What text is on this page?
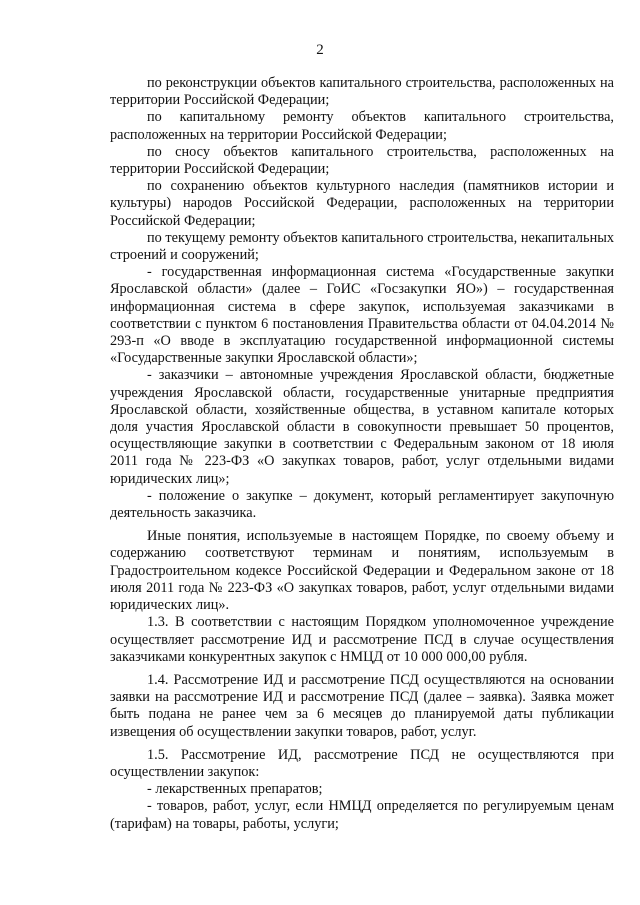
2

по реконструкции объектов капитального строительства, расположенных на территории Российской Федерации;

по капитальному ремонту объектов капитального строительства, расположенных на территории Российской Федерации;

по сносу объектов капитального строительства, расположенных на территории Российской Федерации;

по сохранению объектов культурного наследия (памятников истории и культуры) народов Российской Федерации, расположенных на территории Российской Федерации;

по текущему ремонту объектов капитального строительства, некапитальных строений и сооружений;

- государственная информационная система «Государственные закупки Ярославской области» (далее – ГоИС «Госзакупки ЯО») – государственная информационная система в сфере закупок, используемая заказчиками в соответствии с пунктом 6 постановления Правительства области от 04.04.2014 № 293-п «О вводе в эксплуатацию государственной информационной системы «Государственные закупки Ярославской области»;

- заказчики – автономные учреждения Ярославской области, бюджетные учреждения Ярославской области, государственные унитарные предприятия Ярославской области, хозяйственные общества, в уставном капитале которых доля участия Ярославской области в совокупности превышает 50 процентов, осуществляющие закупки в соответствии с Федеральным законом от 18 июля 2011 года № 223-ФЗ «О закупках товаров, работ, услуг отдельными видами юридических лиц»;

- положение о закупке – документ, который регламентирует закупочную деятельность заказчика.

Иные понятия, используемые в настоящем Порядке, по своему объему и содержанию соответствуют терминам и понятиям, используемым в Градостроительном кодексе Российской Федерации и Федеральном законе от 18 июля 2011 года № 223-ФЗ «О закупках товаров, работ, услуг отдельными видами юридических лиц».

1.3. В соответствии с настоящим Порядком уполномоченное учреждение осуществляет рассмотрение ИД и рассмотрение ПСД в случае осуществления заказчиками конкурентных закупок с НМЦД от 10 000 000,00 рубля.

1.4. Рассмотрение ИД и рассмотрение ПСД осуществляются на основании заявки на рассмотрение ИД и рассмотрение ПСД (далее – заявка). Заявка может быть подана не ранее чем за 6 месяцев до планируемой даты публикации извещения об осуществлении закупки товаров, работ, услуг.

1.5. Рассмотрение ИД, рассмотрение ПСД не осуществляются при осуществлении закупок:

- лекарственных препаратов;

- товаров, работ, услуг, если НМЦД определяется по регулируемым ценам (тарифам) на товары, работы, услуги;
